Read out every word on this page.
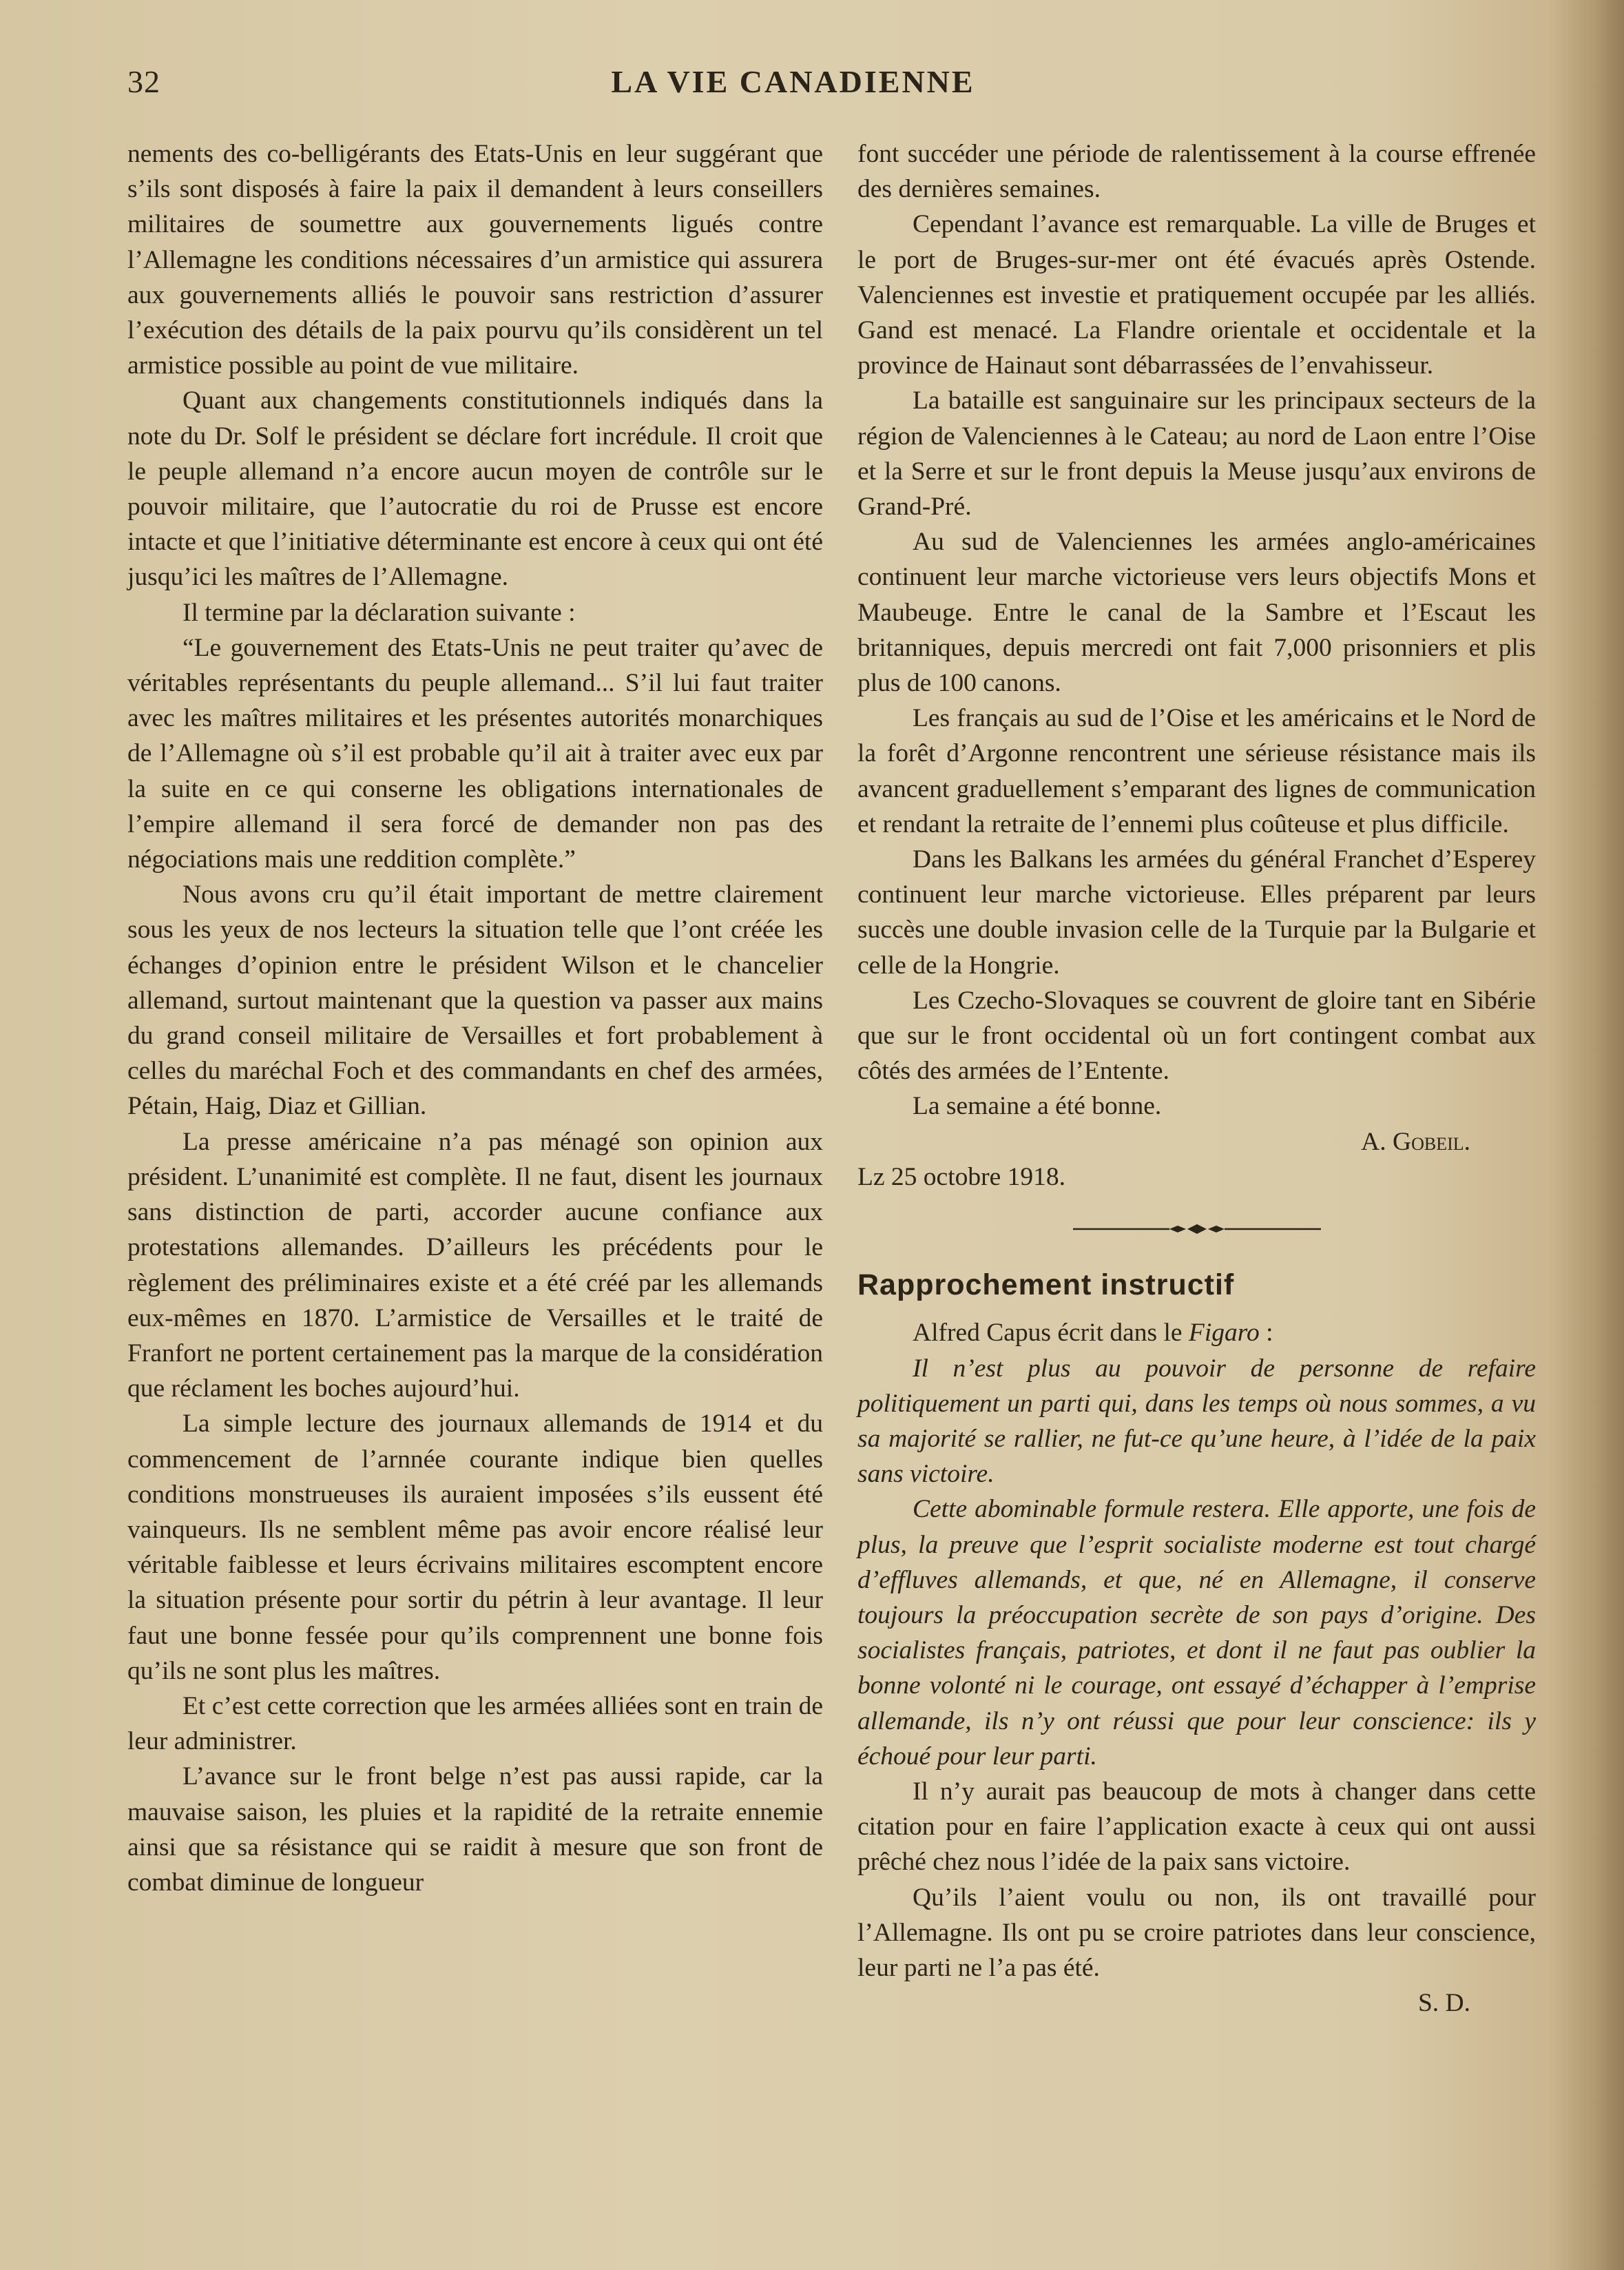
32	LA VIE CANADIENNE

nements des co-belligérants des Etats-Unis en leur suggérant que s’ils sont disposés à faire la paix il demandent à leurs conseillers militaires de soumettre aux gouvernements ligués contre l’Allemagne les conditions nécessaires d’un armistice qui assurera aux gouvernements alliés le pouvoir sans restriction d’assurer l’exécution des détails de la paix pourvu qu’ils considèrent un tel armistice possible au point de vue militaire.

Quant aux changements constitutionnels indiqués dans la note du Dr. Solf le président se déclare fort incrédule. Il croit que le peuple allemand n’a encore aucun moyen de contrôle sur le pouvoir militaire, que l’autocratie du roi de Prusse est encore intacte et que l’initiative déterminante est encore à ceux qui ont été jusqu’ici les maîtres de l’Allemagne.

Il termine par la déclaration suivante :

“Le gouvernement des Etats-Unis ne peut traiter qu’avec de véritables représentants du peuple allemand... S’il lui faut traiter avec les maîtres militaires et les présentes autorités monarchiques de l’Allemagne où s’il est probable qu’il ait à traiter avec eux par la suite en ce qui conserne les obligations internationales de l’empire allemand il sera forcé de demander non pas des négociations mais une reddition complète.”

Nous avons cru qu’il était important de mettre clairement sous les yeux de nos lecteurs la situation telle que l’ont créée les échanges d’opinion entre le président Wilson et le chancelier allemand, surtout maintenant que la question va passer aux mains du grand conseil militaire de Versailles et fort probablement à celles du maréchal Foch et des commandants en chef des armées, Pétain, Haig, Diaz et Gillian.

La presse américaine n’a pas ménagé son opinion aux président. L’unanimité est complète. Il ne faut, disent les journaux sans distinction de parti, accorder aucune confiance aux protestations allemandes. D’ailleurs les précédents pour le règlement des préliminaires existe et a été créé par les allemands eux-mêmes en 1870. L’armistice de Versailles et le traité de Franfort ne portent certainement pas la marque de la considération que réclament les boches aujourd’hui.

La simple lecture des journaux allemands de 1914 et du commencement de l’arnnée courante indique bien quelles conditions monstrueuses ils auraient imposées s’ils eussent été vainqueurs. Ils ne semblent même pas avoir encore réalisé leur véritable faiblesse et leurs écrivains militaires escomptent encore la situation présente pour sortir du pétrin à leur avantage. Il leur faut une bonne fessée pour qu’ils comprennent une bonne fois qu’ils ne sont plus les maîtres.

Et c’est cette correction que les armées alliées sont en train de leur administrer.

L’avance sur le front belge n’est pas aussi rapide, car la mauvaise saison, les pluies et la rapidité de la retraite ennemie ainsi que sa résistance qui se raidit à mesure que son front de combat diminue de longueur

font succéder une période de ralentissement à la course effrenée des dernières semaines.

Cependant l’avance est remarquable. La ville de Bruges et le port de Bruges-sur-mer ont été évacués après Ostende. Valenciennes est investie et pratiquement occupée par les alliés. Gand est menacé. La Flandre orientale et occidentale et la province de Hainaut sont débarrassées de l’envahisseur.

La bataille est sanguinaire sur les principaux secteurs de la région de Valenciennes à le Cateau; au nord de Laon entre l’Oise et la Serre et sur le front depuis la Meuse jusqu’aux environs de Grand-Pré.

Au sud de Valenciennes les armées anglo-américaines continuent leur marche victorieuse vers leurs objectifs Mons et Maubeuge. Entre le canal de la Sambre et l’Escaut les britanniques, depuis mercredi ont fait 7,000 prisonniers et plis plus de 100 canons.

Les français au sud de l’Oise et les américains et le Nord de la forêt d’Argonne rencontrent une sérieuse résistance mais ils avancent graduellement s’emparant des lignes de communication et rendant la retraite de l’ennemi plus coûteuse et plus difficile.

Dans les Balkans les armées du général Franchet d’Esperey continuent leur marche victorieuse. Elles préparent par leurs succès une double invasion celle de la Turquie par la Bulgarie et celle de la Hongrie.

Les Czecho-Slovaques se couvrent de gloire tant en Sibérie que sur le front occidental où un fort contingent combat aux côtés des armées de l’Entente.

La semaine a été bonne.

A. Gobeil.

Lz 25 octobre 1918.

Rapprochement instructif

Alfred Capus écrit dans le Figaro :

Il n’est plus au pouvoir de personne de refaire politiquement un parti qui, dans les temps où nous sommes, a vu sa majorité se rallier, ne fut-ce qu’une heure, à l’idée de la paix sans victoire.

Cette abominable formule restera. Elle apporte, une fois de plus, la preuve que l’esprit socialiste moderne est tout chargé d’effluves allemands, et que, né en Allemagne, il conserve toujours la préoccupation secrète de son pays d’origine. Des socialistes français, patriotes, et dont il ne faut pas oublier la bonne volonté ni le courage, ont essayé d’échapper à l’emprise allemande, ils n’y ont réussi que pour leur conscience: ils y échoué pour leur parti.

Il n’y aurait pas beaucoup de mots à changer dans cette citation pour en faire l’application exacte à ceux qui ont aussi prêché chez nous l’idée de la paix sans victoire.

Qu’ils l’aient voulu ou non, ils ont travaillé pour l’Allemagne. Ils ont pu se croire patriotes dans leur conscience, leur parti ne l’a pas été.

S. D.
